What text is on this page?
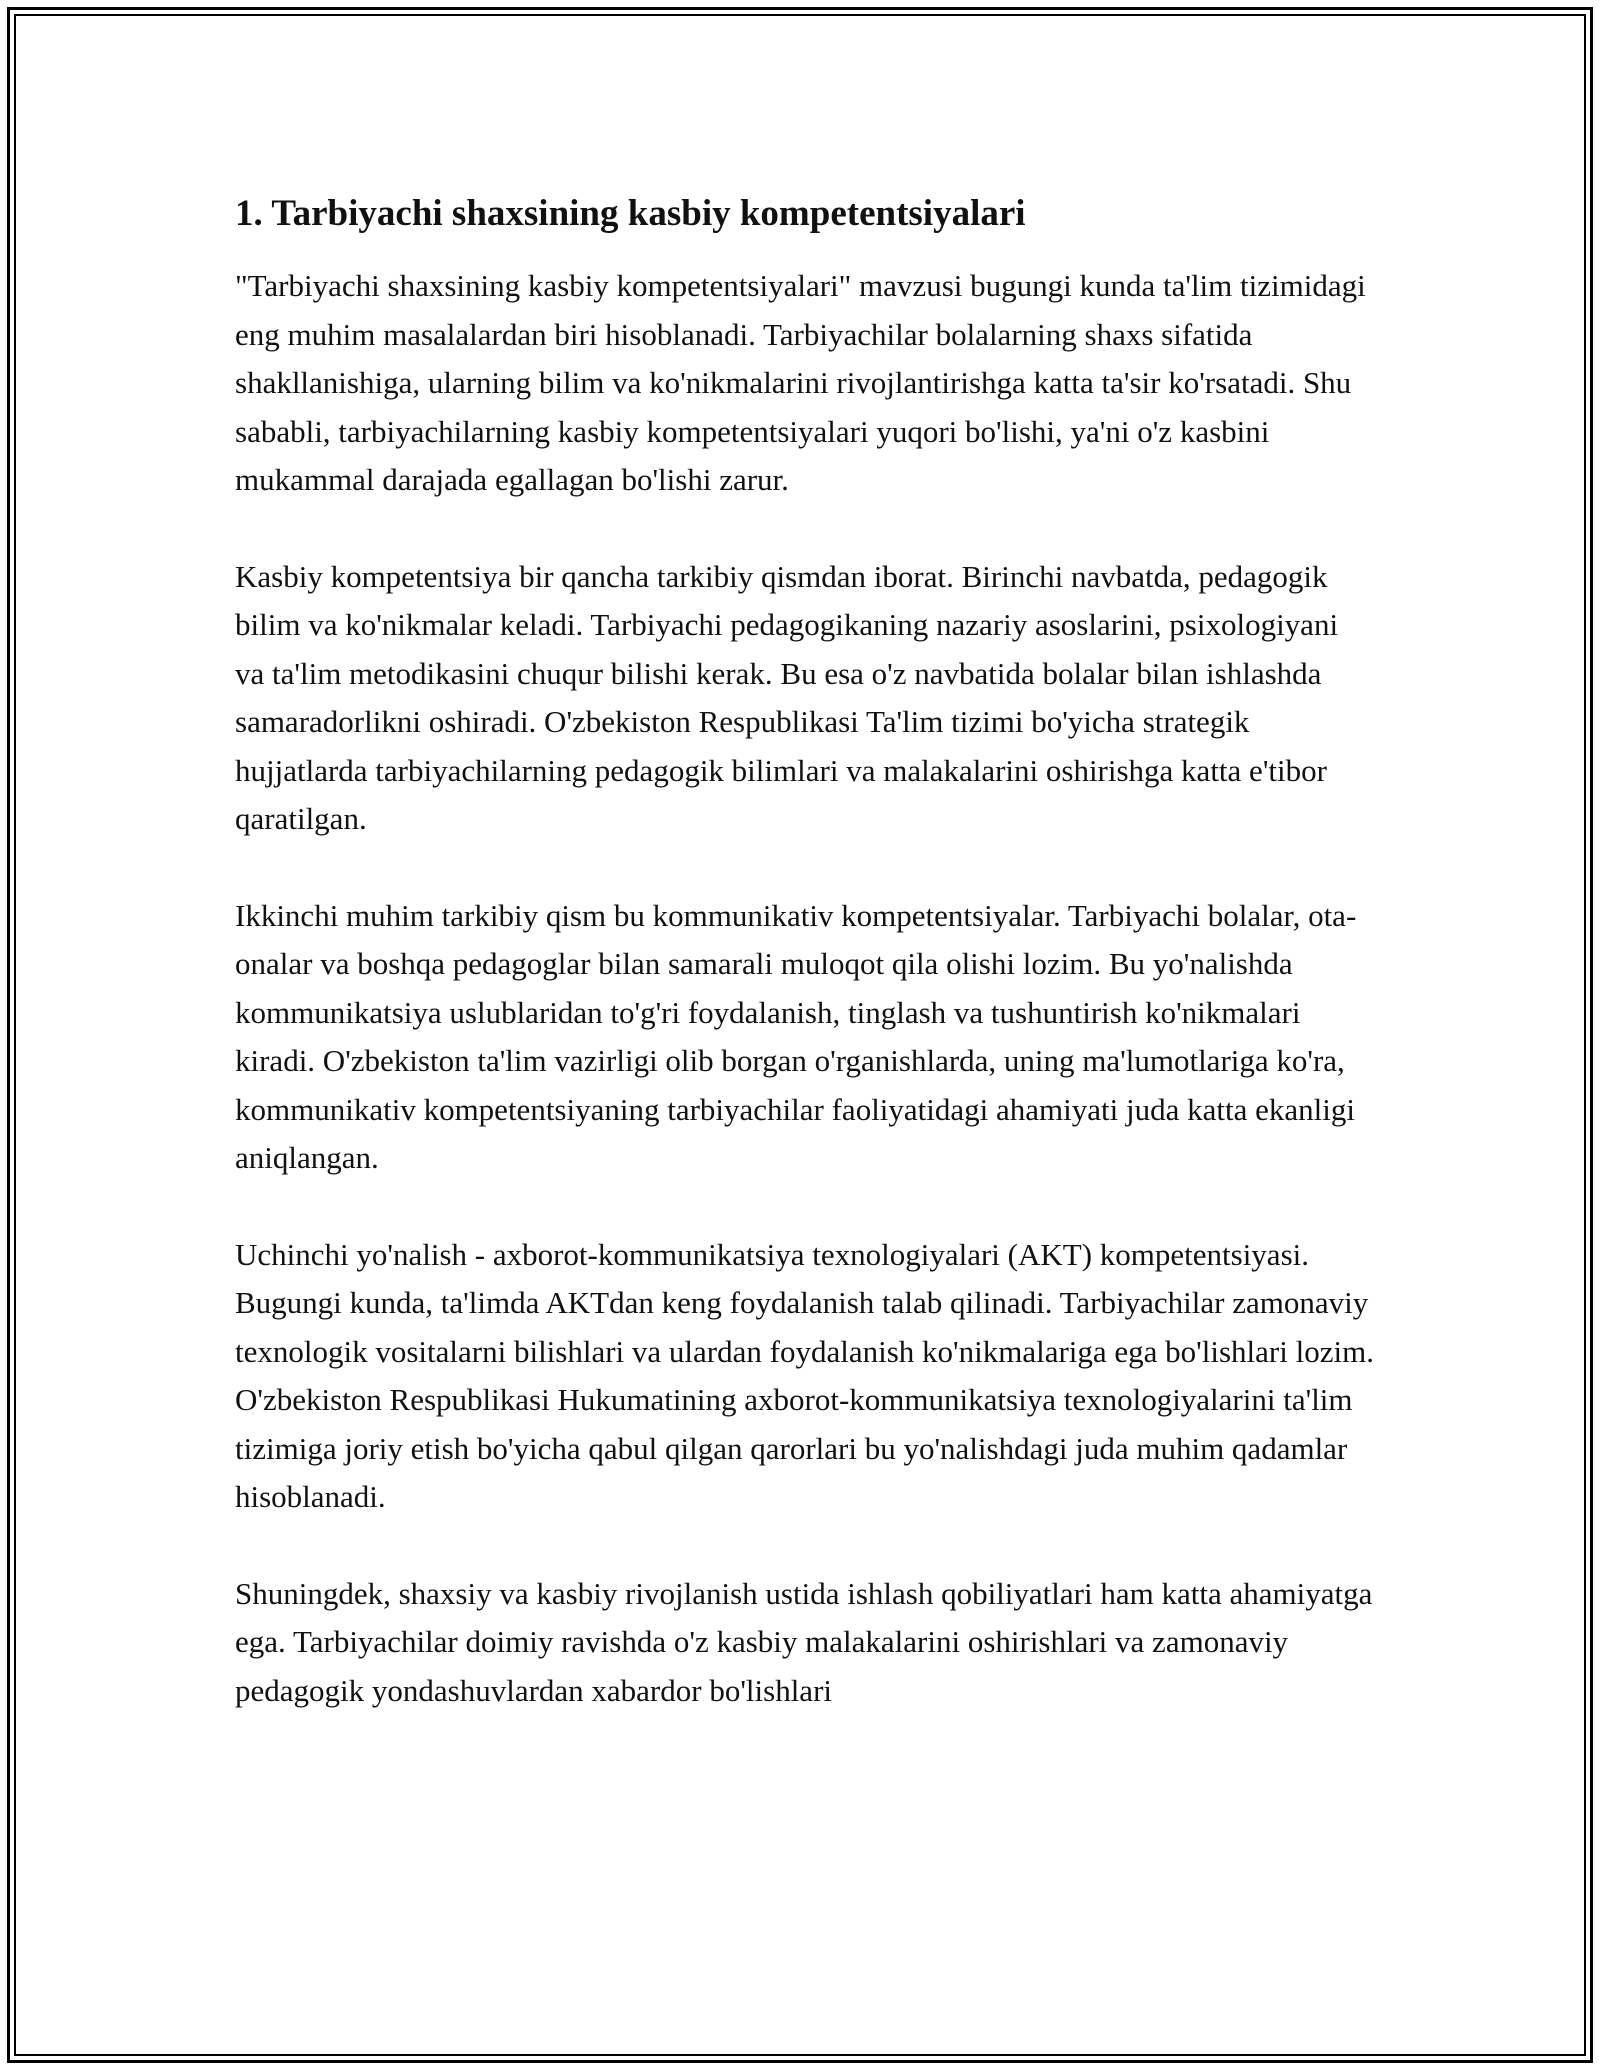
1. Tarbiyachi shaxsining kasbiy kompetentsiyalari

"Tarbiyachi shaxsining kasbiy kompetentsiyalari" mavzusi bugungi kunda ta'lim tizimidagi eng muhim masalalardan biri hisoblanadi. Tarbiyachilar bolalarning shaxs sifatida shakllanishiga, ularning bilim va ko'nikmalarini rivojlantirishga katta ta'sir ko'rsatadi. Shu sababli, tarbiyachilarning kasbiy kompetentsiyalari yuqori bo'lishi, ya'ni o'z kasbini mukammal darajada egallagan bo'lishi zarur.

Kasbiy kompetentsiya bir qancha tarkibiy qismdan iborat. Birinchi navbatda, pedagogik bilim va ko'nikmalar keladi. Tarbiyachi pedagogikaning nazariy asoslarini, psixologiyani va ta'lim metodikasini chuqur bilishi kerak. Bu esa o'z navbatida bolalar bilan ishlashda samaradorlikni oshiradi. O'zbekiston Respublikasi Ta'lim tizimi bo'yicha strategik hujjatlarda tarbiyachilarning pedagogik bilimlari va malakalarini oshirishga katta e'tibor qaratilgan.

Ikkinchi muhim tarkibiy qism bu kommunikativ kompetentsiyalar. Tarbiyachi bolalar, ota-onalar va boshqa pedagoglar bilan samarali muloqot qila olishi lozim. Bu yo'nalishda kommunikatsiya uslublaridan to'g'ri foydalanish, tinglash va tushuntirish ko'nikmalari kiradi. O'zbekiston ta'lim vazirligi olib borgan o'rganishlarda, uning ma'lumotlariga ko'ra, kommunikativ kompetentsiyaning tarbiyachilar faoliyatidagi ahamiyati juda katta ekanligi aniqlangan.

Uchinchi yo'nalish - axborot-kommunikatsiya texnologiyalari (AKT) kompetentsiyasi. Bugungi kunda, ta'limda AKTdan keng foydalanish talab qilinadi. Tarbiyachilar zamonaviy texnologik vositalarni bilishlari va ulardan foydalanish ko'nikmalariga ega bo'lishlari lozim. O'zbekiston Respublikasi Hukumatining axborot-kommunikatsiya texnologiyalarini ta'lim tizimiga joriy etish bo'yicha qabul qilgan qarorlari bu yo'nalishdagi juda muhim qadamlar hisoblanadi.

Shuningdek, shaxsiy va kasbiy rivojlanish ustida ishlash qobiliyatlari ham katta ahamiyatga ega. Tarbiyachilar doimiy ravishda o'z kasbiy malakalarini oshirishlari va zamonaviy pedagogik yondashuvlardan xabardor bo'lishlari
